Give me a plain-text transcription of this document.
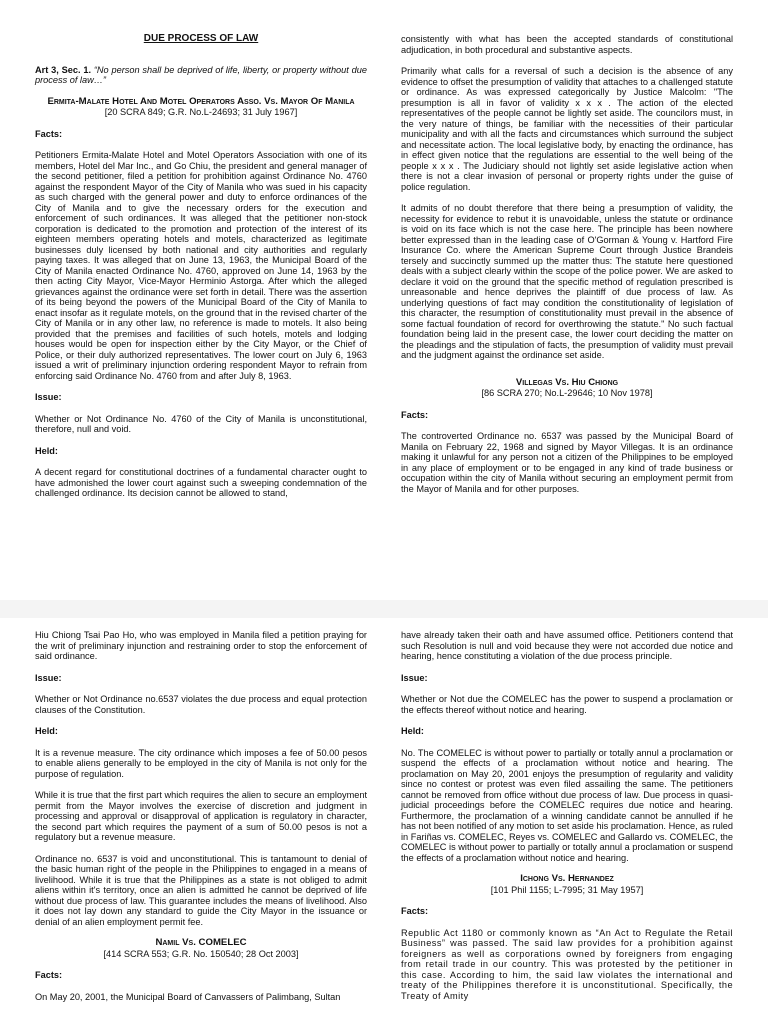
DUE PROCESS OF LAW

Art 3, Sec. 1. “No person shall be deprived of life, liberty, or property without due process of law…”

Ermita-Malate Hotel And Motel Operators Asso. Vs. Mayor Of Manila

[20 SCRA 849; G.R. No.L-24693; 31 July 1967]

Facts:

Petitioners Ermita-Malate Hotel and Motel Operators Association with one of its members, Hotel del Mar Inc., and Go Chiu, the president and general manager of the second petitioner, filed a petition for prohibition against Ordinance No. 4760 against the respondent Mayor of the City of Manila who was sued in his capacity as such charged with the general power and duty to enforce ordinances of the City of Manila and to give the necessary orders for the execution and enforcement of such ordinances. It was alleged that the petitioner non-stock corporation is dedicated to the promotion and protection of the interest of its eighteen members operating hotels and motels, characterized as legitimate businesses duly licensed by both national and city authorities and regularly paying taxes. It was alleged that on June 13, 1963, the Municipal Board of the City of Manila enacted Ordinance No. 4760, approved on June 14, 1963 by the then acting City Mayor, Vice-Mayor Herminio Astorga. After which the alleged grievances against the ordinance were set forth in detail. There was the assertion of its being beyond the powers of the Municipal Board of the City of Manila to enact insofar as it regulate motels, on the ground that in the revised charter of the City of Manila or in any other law, no reference is made to motels. It also being provided that the premises and facilities of such hotels, motels and lodging houses would be open for inspection either by the City Mayor, or the Chief of Police, or their duly authorized representatives. The lower court on July 6, 1963 issued a writ of preliminary injunction ordering respondent Mayor to refrain from enforcing said Ordinance No. 4760 from and after July 8, 1963.

Issue:

Whether or Not Ordinance No. 4760 of the City of Manila is unconstitutional, therefore, null and void.

Held:

A decent regard for constitutional doctrines of a fundamental character ought to have admonished the lower court against such a sweeping condemnation of the challenged ordinance. Its decision cannot be allowed to stand,

consistently with what has been the accepted standards of constitutional adjudication, in both procedural and substantive aspects.

Primarily what calls for a reversal of such a decision is the absence of any evidence to offset the presumption of validity that attaches to a challenged statute or ordinance. As was expressed categorically by Justice Malcolm: "The presumption is all in favor of validity x x x . The action of the elected representatives of the people cannot be lightly set aside. The councilors must, in the very nature of things, be familiar with the necessities of their particular municipality and with all the facts and circumstances which surround the subject and necessitate action. The local legislative body, by enacting the ordinance, has in effect given notice that the regulations are essential to the well being of the people x x x . The Judiciary should not lightly set aside legislative action when there is not a clear invasion of personal or property rights under the guise of police regulation.

It admits of no doubt therefore that there being a presumption of validity, the necessity for evidence to rebut it is unavoidable, unless the statute or ordinance is void on its face which is not the case here. The principle has been nowhere better expressed than in the leading case of O'Gorman & Young v. Hartford Fire Insurance Co. where the American Supreme Court through Justice Brandeis tersely and succinctly summed up the matter thus: The statute here questioned deals with a subject clearly within the scope of the police power. We are asked to declare it void on the ground that the specific method of regulation prescribed is unreasonable and hence deprives the plaintiff of due process of law. As underlying questions of fact may condition the constitutionality of legislation of this character, the resumption of constitutionality must prevail in the absence of some factual foundation of record for overthrowing the statute." No such factual foundation being laid in the present case, the lower court deciding the matter on the pleadings and the stipulation of facts, the presumption of validity must prevail and the judgment against the ordinance set aside.

Villegas Vs. Hiu Chiong

[86 SCRA 270; No.L-29646; 10 Nov 1978]

Facts:

The controverted Ordinance no. 6537 was passed by the Municipal Board of Manila on February 22, 1968 and signed by Mayor Villegas. It is an ordinance making it unlawful for any person not a citizen of the Philippines to be employed in any place of employment or to be engaged in any kind of trade business or occupation within the city of Manila without securing an employment permit from the Mayor of Manila and for other purposes.

Hiu Chiong Tsai Pao Ho, who was employed in Manila filed a petition praying for the writ of preliminary injunction and restraining order to stop the enforcement of said ordinance.

Issue:

Whether or Not Ordinance no.6537 violates the due process and equal protection clauses of the Constitution.

Held:

It is a revenue measure. The city ordinance which imposes a fee of 50.00 pesos to enable aliens generally to be employed in the city of Manila is not only for the purpose of regulation.

While it is true that the first part which requires the alien to secure an employment permit from the Mayor involves the exercise of discretion and judgment in processing and approval or disapproval of application is regulatory in character, the second part which requires the payment of a sum of 50.00 pesos is not a regulatory but a revenue measure.

Ordinance no. 6537 is void and unconstitutional. This is tantamount to denial of the basic human right of the people in the Philippines to engaged in a means of livelihood. While it is true that the Philippines as a state is not obliged to admit aliens within it's territory, once an alien is admitted he cannot be deprived of life without due process of law. This guarantee includes the means of livelihood. Also it does not lay down any standard to guide the City Mayor in the issuance or denial of an alien employment permit fee.

Namil Vs. COMELEC

[414 SCRA 553; G.R. No. 150540; 28 Oct 2003]

Facts:

On May 20, 2001, the Municipal Board of Canvassers of Palimbang, Sultan

have already taken their oath and have assumed office. Petitioners contend that such Resolution is null and void because they were not accorded due notice and hearing, hence constituting a violation of the due process principle.

Issue:

Whether or Not due the COMELEC has the power to suspend a proclamation or the effects thereof without notice and hearing.

Held:

No. The COMELEC is without power to partially or totally annul a proclamation or suspend the effects of a proclamation without notice and hearing. The proclamation on May 20, 2001 enjoys the presumption of regularity and validity since no contest or protest was even filed assailing the same. The petitioners cannot be removed from office without due process of law. Due process in quasi-judicial proceedings before the COMELEC requires due notice and hearing. Furthermore, the proclamation of a winning candidate cannot be annulled if he has not been notified of any motion to set aside his proclamation. Hence, as ruled in Fariñas vs. COMELEC, Reyes vs. COMELEC and Gallardo vs. COMELEC, the COMELEC is without power to partially or totally annul a proclamation or suspend the effects of a proclamation without notice and hearing.

Ichong Vs. Hernandez

[101 Phil 1155; L-7995; 31 May 1957]

Facts:

Republic Act 1180 or commonly known as “An Act to Regulate the Retail Business” was passed. The said law provides for a prohibition against foreigners as well as corporations owned by foreigners from engaging from retail trade in our country. This was protested by the petitioner in this case. According to him, the said law violates the international and treaty of the Philippines therefore it is unconstitutional. Specifically, the Treaty of Amity
